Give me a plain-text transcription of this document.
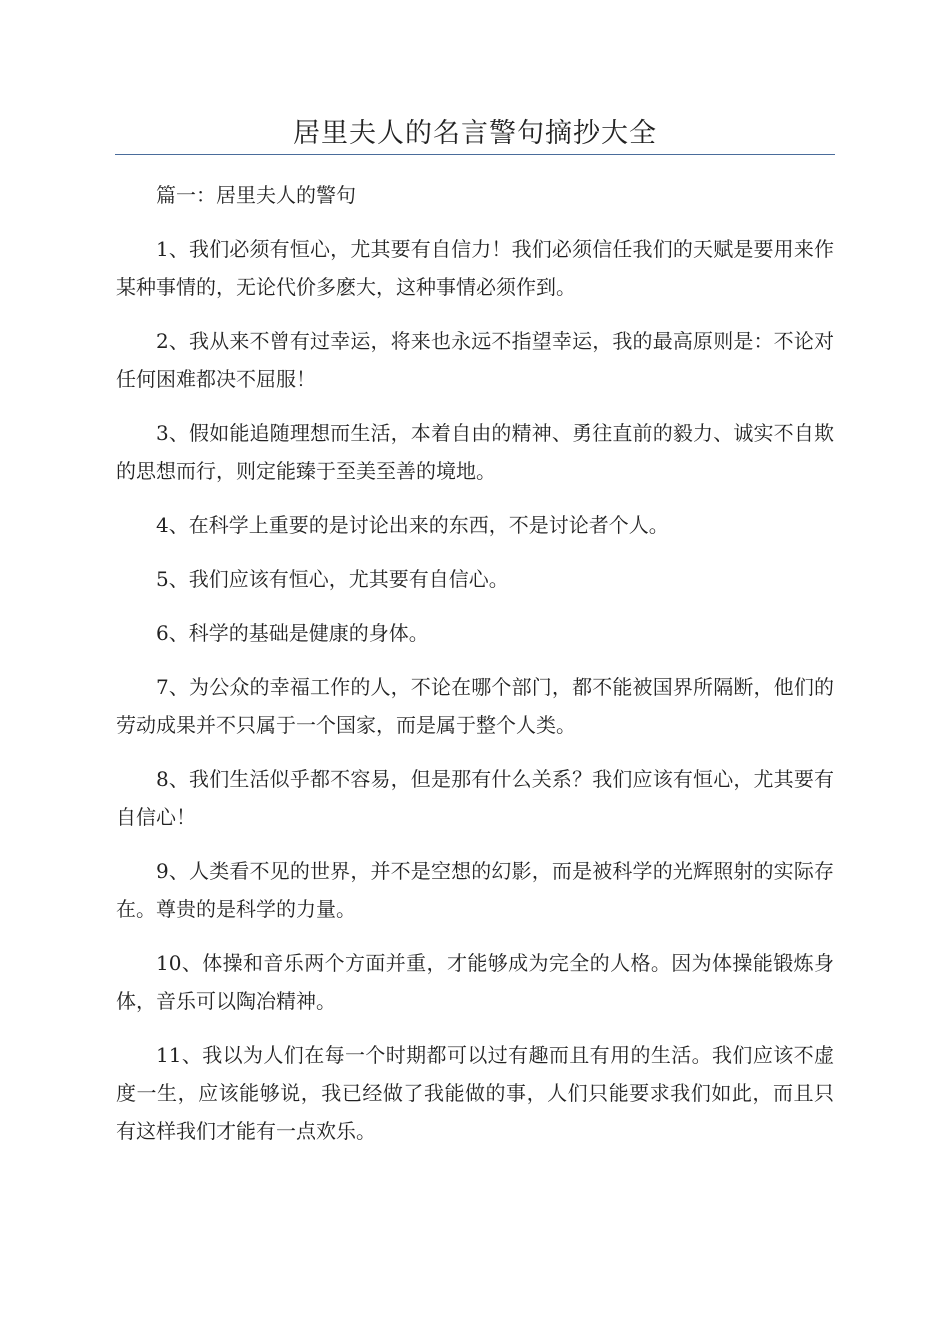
居里夫人的名言警句摘抄大全

篇一：居里夫人的警句

1、我们必须有恒心，尤其要有自信力！我们必须信任我们的天赋是要用来作某种事情的，无论代价多麽大，这种事情必须作到。

2、我从来不曾有过幸运，将来也永远不指望幸运，我的最高原则是：不论对任何困难都决不屈服！

3、假如能追随理想而生活，本着自由的精神、勇往直前的毅力、诚实不自欺的思想而行，则定能臻于至美至善的境地。

4、在科学上重要的是讨论出来的东西，不是讨论者个人。

5、我们应该有恒心，尤其要有自信心。

6、科学的基础是健康的身体。

7、为公众的幸福工作的人，不论在哪个部门，都不能被国界所隔断，他们的劳动成果并不只属于一个国家，而是属于整个人类。

8、我们生活似乎都不容易，但是那有什么关系？我们应该有恒心，尤其要有自信心！

9、人类看不见的世界，并不是空想的幻影，而是被科学的光辉照射的实际存在。尊贵的是科学的力量。

10、体操和音乐两个方面并重，才能够成为完全的人格。因为体操能锻炼身体，音乐可以陶冶精神。

11、我以为人们在每一个时期都可以过有趣而且有用的生活。我们应该不虚度一生，应该能够说，我已经做了我能做的事，人们只能要求我们如此，而且只有这样我们才能有一点欢乐。
